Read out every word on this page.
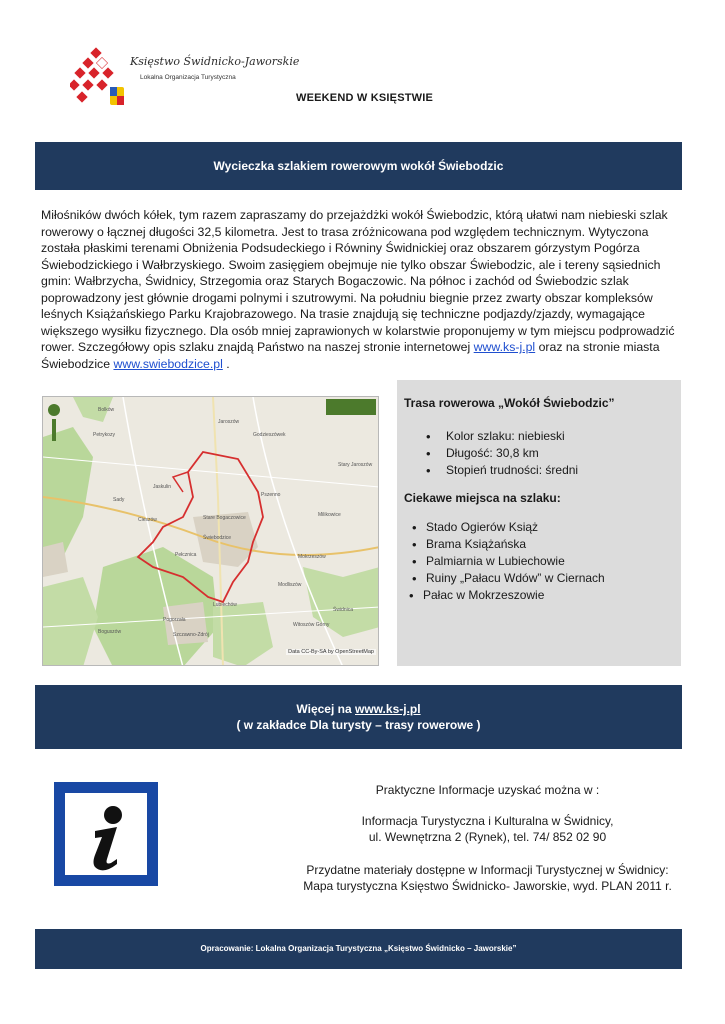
Księstwo Świdnicko-Jaworskie
Lokalna Organizacja Turystyczna
WEEKEND W KSIĘSTWIE
Wycieczka szlakiem rowerowym wokół Świebodzic
Miłośników dwóch kółek, tym razem zapraszamy do przejażdżki wokół Świebodzic, którą ułatwi nam niebieski szlak rowerowy o łącznej długości 32,5 kilometra. Jest to trasa zróżnicowana pod względem technicznym. Wytyczona została płaskimi terenami Obniżenia Podsudeckiego i Równiny Świdnickiej oraz obszarem górzystym Pogórza Świebodzickiego i Wałbrzyskiego. Swoim zasięgiem obejmuje nie tylko obszar Świebodzic, ale i tereny sąsiednich gmin: Wałbrzycha, Świdnicy, Strzegomia oraz Starych Bogaczowic. Na północ i zachód od Świebodzic szlak poprowadzony jest głównie drogami polnymi i szutrowymi. Na południu biegnie przez zwarty obszar kompleksów leśnych Książańskiego Parku Krajobrazowego. Na trasie znajdują się techniczne podjazdy/zjazdy, wymagające większego wysiłku fizycznego. Dla osób mniej zaprawionych w kolarstwie proponujemy w tym miejscu podprowadzić rower. Szczegółowy opis szlaku znajdą Państwo na naszej stronie internetowej www.ks-j.pl oraz na stronie miasta Świebodzice www.swiebodzice.pl .
Petrykozy
Bolków
Godzieszówek
Jaroszów
Stary Jaroszów
Jaskulin
Cieszów
Pszenno
Stare Bogaczowice
Pełcznica
Świebodzice
Mokrzeszów
Lubiechów
Szczawno-Zdrój
Witoszów Górny
Pogorzała
Boguszów
Modliszów
Milikowice
Sady
Świdnica
Data CC-By-SA by OpenStreetMap
Trasa rowerowa „Wokół Świebodzic”
• Kolor szlaku: niebieski
• Długość: 30,8 km
• Stopień trudności: średni
Ciekawe miejsca na szlaku:
• Stado Ogierów Książ
• Brama Książańska
• Palmiarnia w Lubiechowie
• Ruiny „Pałacu Wdów” w Ciernach
• Pałac w Mokrzeszowie
Więcej na www.ks-j.pl
( w zakładce Dla turysty – trasy rowerowe )

Praktyczne Informacje uzyskać można w :

Informacja Turystyczna i Kulturalna w Świdnicy,

ul. Wewnętrzna 2 (Rynek), tel. 74/ 852 02 90

Przydatne materiały dostępne w Informacji Turystycznej w Świdnicy:

Mapa turystyczna Księstwo Świdnicko- Jaworskie, wyd. PLAN 2011 r.

Opracowanie: Lokalna Organizacja Turystyczna „Księstwo Świdnicko – Jaworskie”
